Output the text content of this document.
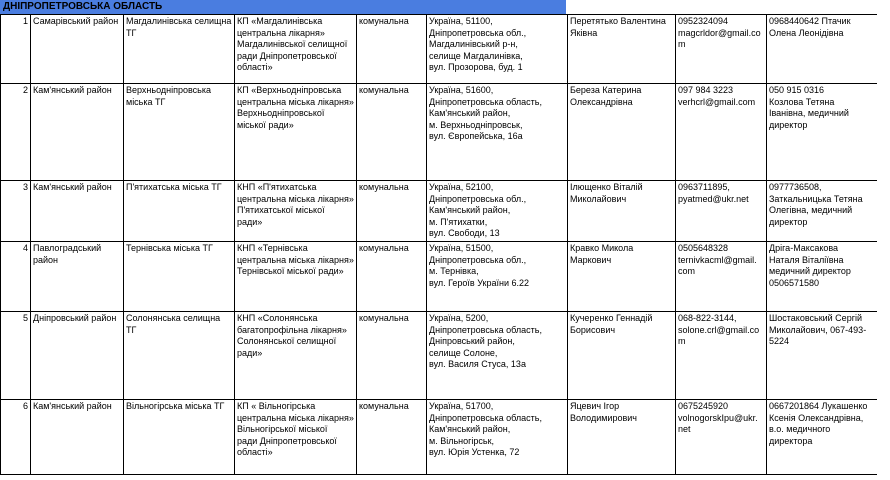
ДНІПРОПЕТРОВСЬКА ОБЛАСТЬ
1	Самарівський район	Магдалинівська селищна ТГ	КП «Магдалинівська
центральна лікарня»
Магдалинівської селищної
ради Дніпропетровської
області»	комунальна	Україна, 51100,
Дніпропетровська обл.,
Магдалинівський р-н,
селище Магдалинівка,
вул. Прозорова, буд. 1	Перетятько Валентина
Яківна	0952324094
magcrldor@gmail.co
m	0968440642 Птачик
Олена Леонідівна

2	Кам'янський район	Верхньодніпровська
міська ТГ	КП «Верхньодніпровська
центральна міська лікарня»
Верхньодніпровської
міської ради»	комунальна	Україна, 51600,
Дніпропетровська область,
Кам'янський район,
м. Верхньодніпровськ,
вул. Європейська, 16а	Береза Катерина
Олександрівна	097 984 3223
verhcrl@gmail.com	050 915 0316
Козлова Тетяна
Іванівна, медичний
директор

3	Кам'янський район	П'ятихатська міська ТГ	КНП «П'ятихатська
центральна міська лікарня»
П'ятихатської міської
ради»	комунальна	Україна, 52100,
Дніпропетровська обл.,
Кам'янський район,
м. П'ятихатки,
вул. Свободи, 13	Ілющенко Віталій
Миколайович	0963711895,
pyatmed@ukr.net	0977736508,
Заткальницька Тетяна
Олегівна, медичний
директор

4	Павлоградський
район	Тернівська міська ТГ	КНП «Тернівська
центральна міська лікарня»
Тернівської міської ради»	комунальна	Україна, 51500,
Дніпропетровська обл.,
м. Тернівка,
вул. Героїв України 6.22	Кравко Микола
Маркович	0505648328
ternivkacml@gmail.
com	Дріга-Максакова
Наталя Віталіївна
медичний директор
0506571580

5	Дніпровський район	Солонянська селищна ТГ	КНП «Солонянська
багатопрофільна лікарня»
Солонянської селищної
ради»	комунальна	Україна, 5200,
Дніпропетровська область,
Дніпровський район,
селище Солоне,
вул. Василя Стуса, 13а	Кучеренко Геннадій
Борисович	068-822-3144,
solone.crl@gmail.co
m	Шостаковський Сергій
Миколайович, 067-493-
5224

6	Кам'янський район	Вільногірська міська ТГ	КП « Вільногірська
центральна міська лікарня»
Вільногірської міської
ради Дніпропетровської
області»	комунальна	Україна, 51700,
Дніпропетровська область,
Кам'янський район,
м. Вільногірськ,
вул. Юрія Устенка, 72	Яцевич Ігор
Володимирович	0675245920
volnogorskIpu@ukr.
net	0667201864 Лукашенко
Ксенія Олександрівна,
в.о. медичного
директора
